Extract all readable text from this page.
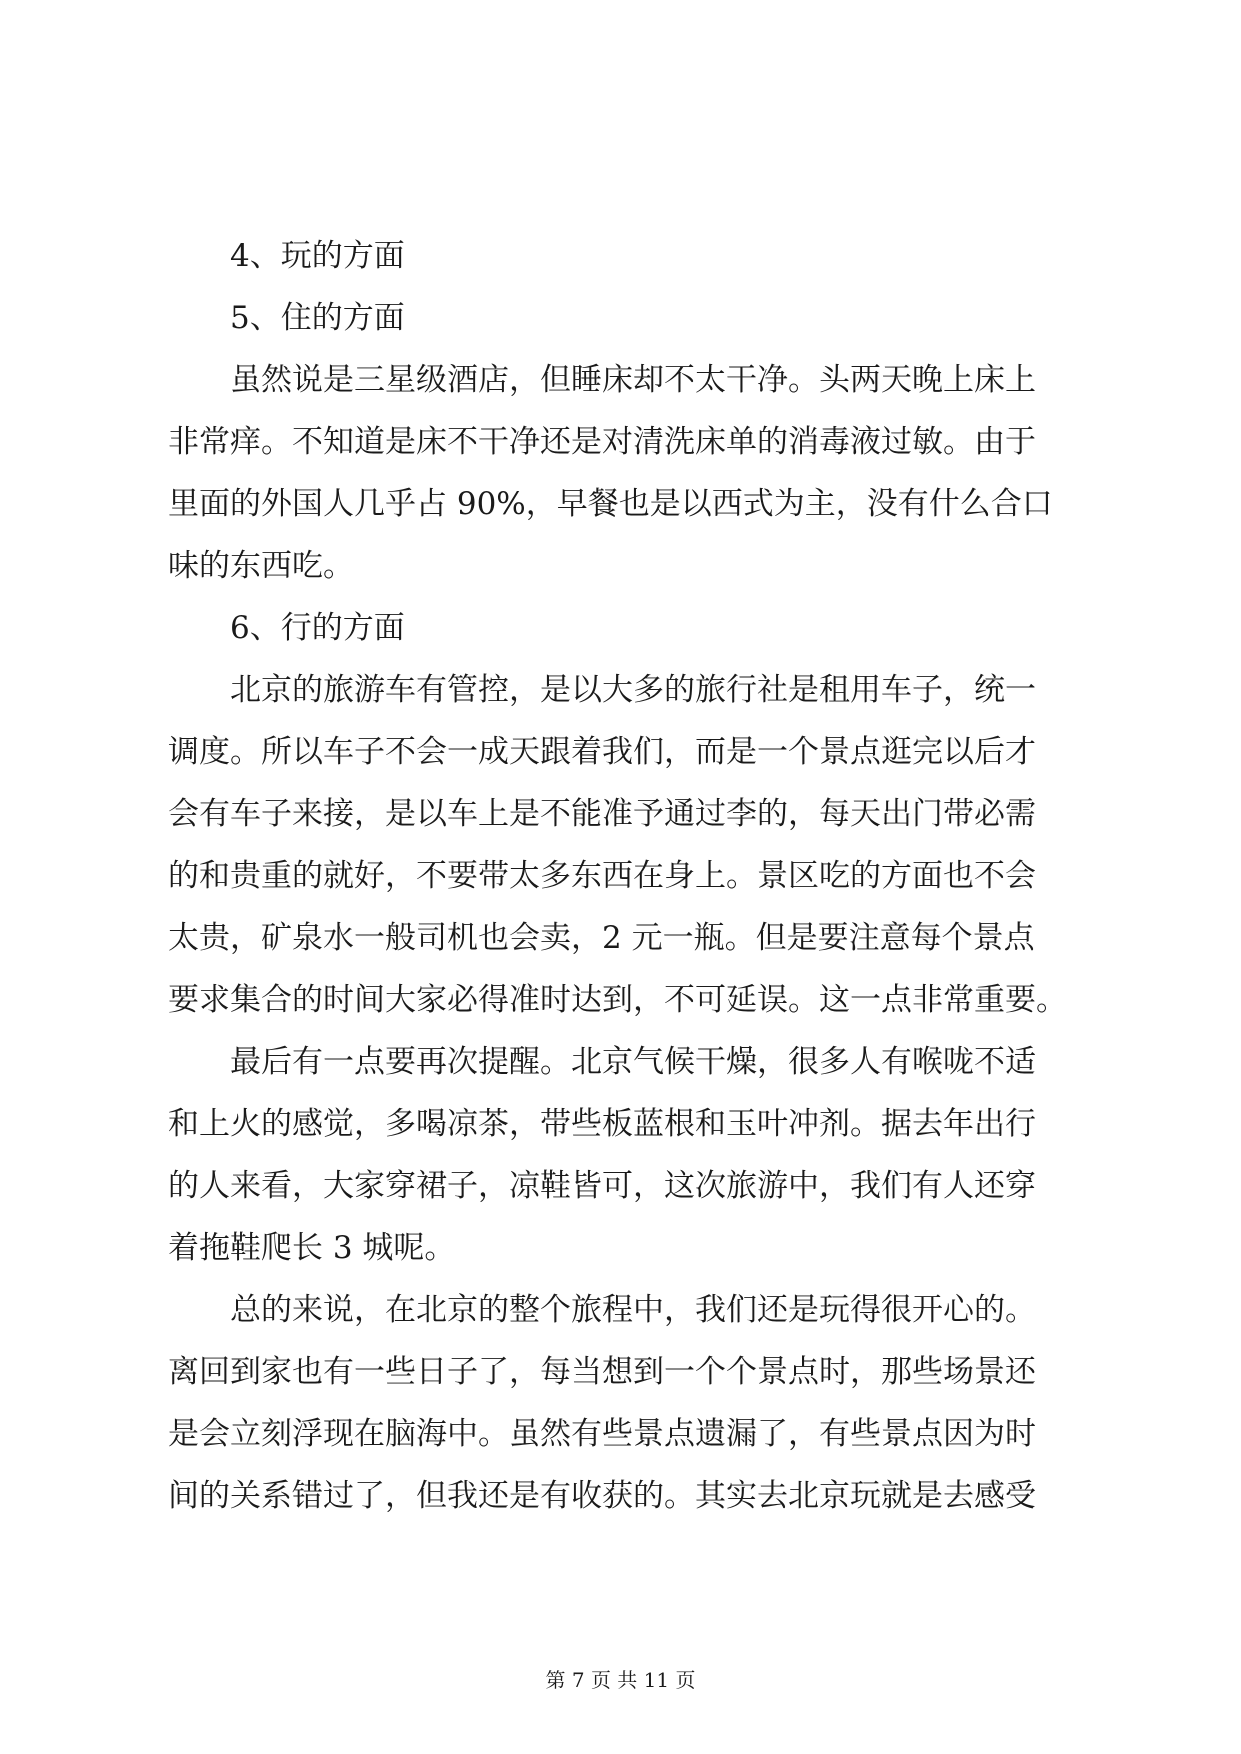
4、玩的方面
5、住的方面
虽然说是三星级酒店，但睡床却不太干净。头两天晚上床上
非常痒。不知道是床不干净还是对清洗床单的消毒液过敏。由于
里面的外国人几乎占 90%，早餐也是以西式为主，没有什么合口
味的东西吃。
6、行的方面
北京的旅游车有管控，是以大多的旅行社是租用车子，统一
调度。所以车子不会一成天跟着我们，而是一个景点逛完以后才
会有车子来接，是以车上是不能准予通过李的，每天出门带必需
的和贵重的就好，不要带太多东西在身上。景区吃的方面也不会
太贵，矿泉水一般司机也会卖，2 元一瓶。但是要注意每个景点
要求集合的时间大家必得准时达到，不可延误。这一点非常重要。
最后有一点要再次提醒。北京气候干燥，很多人有喉咙不适
和上火的感觉，多喝凉茶，带些板蓝根和玉叶冲剂。据去年出行
的人来看，大家穿裙子，凉鞋皆可，这次旅游中，我们有人还穿
着拖鞋爬长 3 城呢。
总的来说，在北京的整个旅程中，我们还是玩得很开心的。
离回到家也有一些日子了，每当想到一个个景点时，那些场景还
是会立刻浮现在脑海中。虽然有些景点遗漏了，有些景点因为时
间的关系错过了，但我还是有收获的。其实去北京玩就是去感受
第 7 页 共 11 页
